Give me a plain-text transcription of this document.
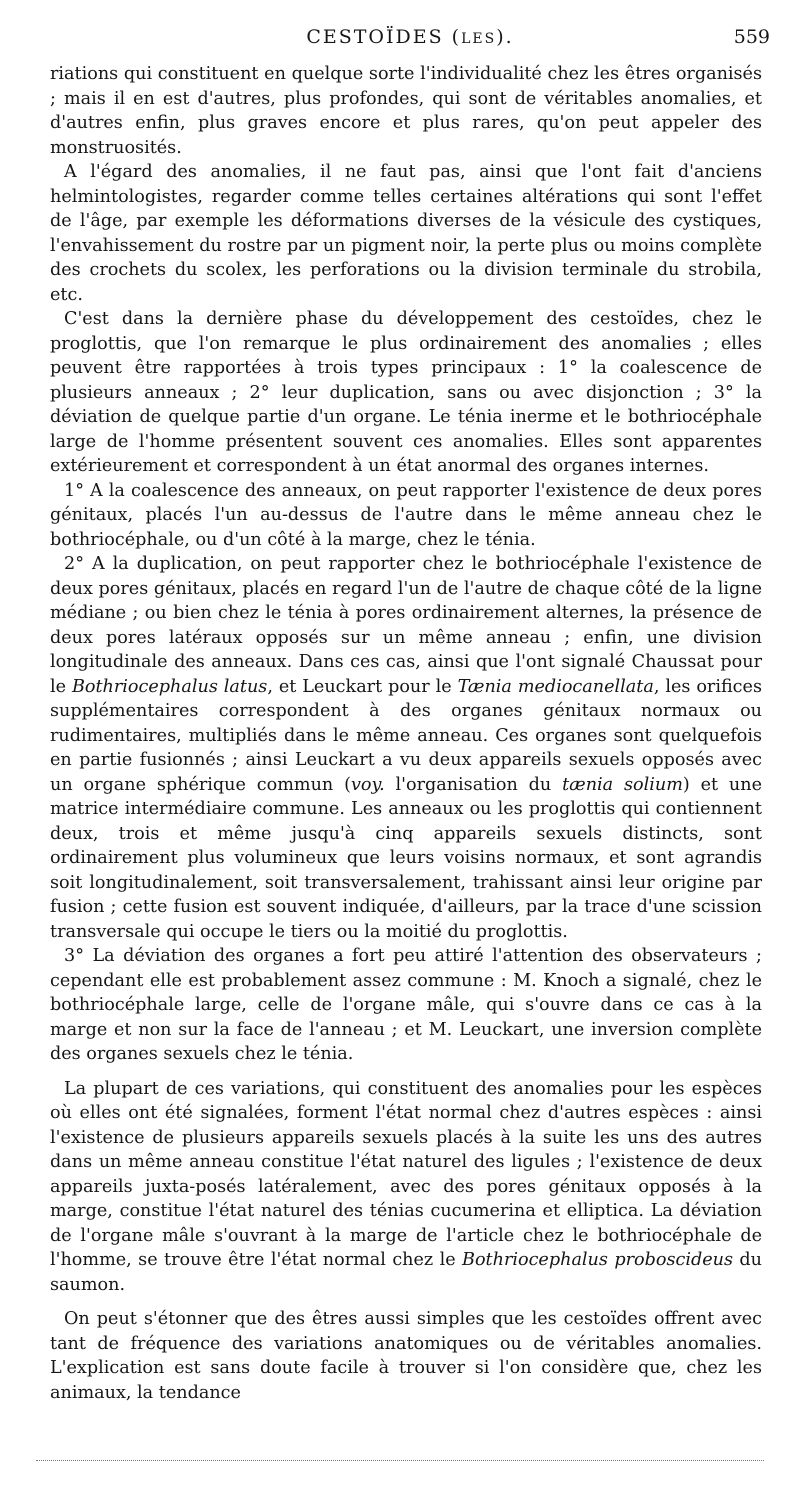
CESTOÏDES (LES).	559

riations qui constituent en quelque sorte l'individualité chez les êtres organisés ; mais il en est d'autres, plus profondes, qui sont de véritables anomalies, et d'autres enfin, plus graves encore et plus rares, qu'on peut appeler des monstruosités.

A l'égard des anomalies, il ne faut pas, ainsi que l'ont fait d'anciens helmintologistes, regarder comme telles certaines altérations qui sont l'effet de l'âge, par exemple les déformations diverses de la vésicule des cystiques, l'envahissement du rostre par un pigment noir, la perte plus ou moins complète des crochets du scolex, les perforations ou la division terminale du strobila, etc.

C'est dans la dernière phase du développement des cestoïdes, chez le proglottis, que l'on remarque le plus ordinairement des anomalies ; elles peuvent être rapportées à trois types principaux : 1° la coalescence de plusieurs anneaux ; 2° leur duplication, sans ou avec disjonction ; 3° la déviation de quelque partie d'un organe. Le ténia inerme et le bothriocéphale large de l'homme présentent souvent ces anomalies. Elles sont apparentes extérieurement et correspondent à un état anormal des organes internes.

1° A la coalescence des anneaux, on peut rapporter l'existence de deux pores génitaux, placés l'un au-dessus de l'autre dans le même anneau chez le bothriocéphale, ou d'un côté à la marge, chez le ténia.

2° A la duplication, on peut rapporter chez le bothriocéphale l'existence de deux pores génitaux, placés en regard l'un de l'autre de chaque côté de la ligne médiane ; ou bien chez le ténia à pores ordinairement alternes, la présence de deux pores latéraux opposés sur un même anneau ; enfin, une division longitudinale des anneaux. Dans ces cas, ainsi que l'ont signalé Chaussat pour le Bothriocephalus latus, et Leuckart pour le Tænia mediocanellata, les orifices supplémentaires correspondent à des organes génitaux normaux ou rudimentaires, multipliés dans le même anneau. Ces organes sont quelquefois en partie fusionnés ; ainsi Leuckart a vu deux appareils sexuels opposés avec un organe sphérique commun (voy. l'organisation du tænia solium) et une matrice intermédiaire commune. Les anneaux ou les proglottis qui contiennent deux, trois et même jusqu'à cinq appareils sexuels distincts, sont ordinairement plus volumineux que leurs voisins normaux, et sont agrandis soit longitudinalement, soit transversalement, trahissant ainsi leur origine par fusion ; cette fusion est souvent indiquée, d'ailleurs, par la trace d'une scission transversale qui occupe le tiers ou la moitié du proglottis.

3° La déviation des organes a fort peu attiré l'attention des observateurs ; cependant elle est probablement assez commune : M. Knoch a signalé, chez le bothriocéphale large, celle de l'organe mâle, qui s'ouvre dans ce cas à la marge et non sur la face de l'anneau ; et M. Leuckart, une inversion complète des organes sexuels chez le ténia.

La plupart de ces variations, qui constituent des anomalies pour les espèces où elles ont été signalées, forment l'état normal chez d'autres espèces : ainsi l'existence de plusieurs appareils sexuels placés à la suite les uns des autres dans un même anneau constitue l'état naturel des ligules ; l'existence de deux appareils juxta-posés latéralement, avec des pores génitaux opposés à la marge, constitue l'état naturel des ténias cucumerina et elliptica. La déviation de l'organe mâle s'ouvrant à la marge de l'article chez le bothriocéphale de l'homme, se trouve être l'état normal chez le Bothriocephalus proboscideus du saumon.

On peut s'étonner que des êtres aussi simples que les cestoïdes offrent avec tant de fréquence des variations anatomiques ou de véritables anomalies. L'explication est sans doute facile à trouver si l'on considère que, chez les animaux, la tendance
